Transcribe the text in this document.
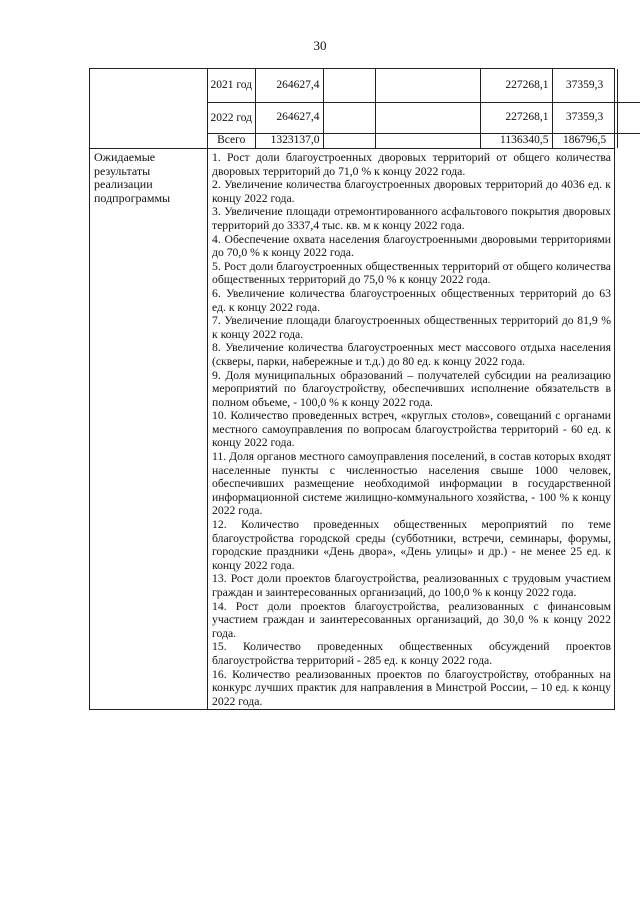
30

2021 год	264627,4			227268,1	37359,3	
2022 год	264627,4			227268,1	37359,3	
Всего	1323137,0			1136340,5	186796,5	

Ожидаемые результаты реализации подпрограммы	

1. Рост доли благоустроенных дворовых территорий от общего количества дворовых территорий до 71,0 % к концу 2022 года.

2. Увеличение количества благоустроенных дворовых территорий до 4036 ед. к концу 2022 года.

3. Увеличение площади отремонтированного асфальтового покрытия дворовых территорий до 3337,4 тыс. кв. м к концу 2022 года.

4. Обеспечение охвата населения благоустроенными дворовыми территориями до 70,0 % к концу 2022 года.

5. Рост доли благоустроенных общественных территорий от общего количества общественных территорий до 75,0 % к концу 2022 года.

6. Увеличение количества благоустроенных общественных территорий до 63 ед. к концу 2022 года.

7. Увеличение площади благоустроенных общественных территорий до 81,9 % к концу 2022 года.

8. Увеличение количества благоустроенных мест массового отдыха населения (скверы, парки, набережные и т.д.) до 80 ед. к концу 2022 года.

9. Доля муниципальных образований – получателей субсидии на реализацию мероприятий по благоустройству, обеспечивших исполнение обязательств в полном объеме, - 100,0 % к концу 2022 года.

10. Количество проведенных встреч, «круглых столов», совещаний с органами местного самоуправления по вопросам благоустройства территорий - 60 ед. к концу 2022 года.

11. Доля органов местного самоуправления поселений, в состав которых входят населенные пункты с численностью населения свыше 1000 человек, обеспечивших размещение необходимой информации в государственной информационной системе жилищно-коммунального хозяйства, - 100 % к концу 2022 года.

12. Количество проведенных общественных мероприятий по теме благоустройства городской среды (субботники, встречи, семинары, форумы, городские праздники «День двора», «День улицы» и др.) - не менее 25 ед. к концу 2022 года.

13. Рост доли проектов благоустройства, реализованных с трудовым участием граждан и заинтересованных организаций, до 100,0 % к концу 2022 года.

14. Рост доли проектов благоустройства, реализованных с финансовым участием граждан и заинтересованных организаций, до 30,0 % к концу 2022 года.

15. Количество проведенных общественных обсуждений проектов благоустройства территорий - 285 ед. к концу 2022 года.

16. Количество реализованных проектов по благоустройству, отобранных на конкурс лучших практик для направления в Минстрой России, – 10 ед. к концу 2022 года.
